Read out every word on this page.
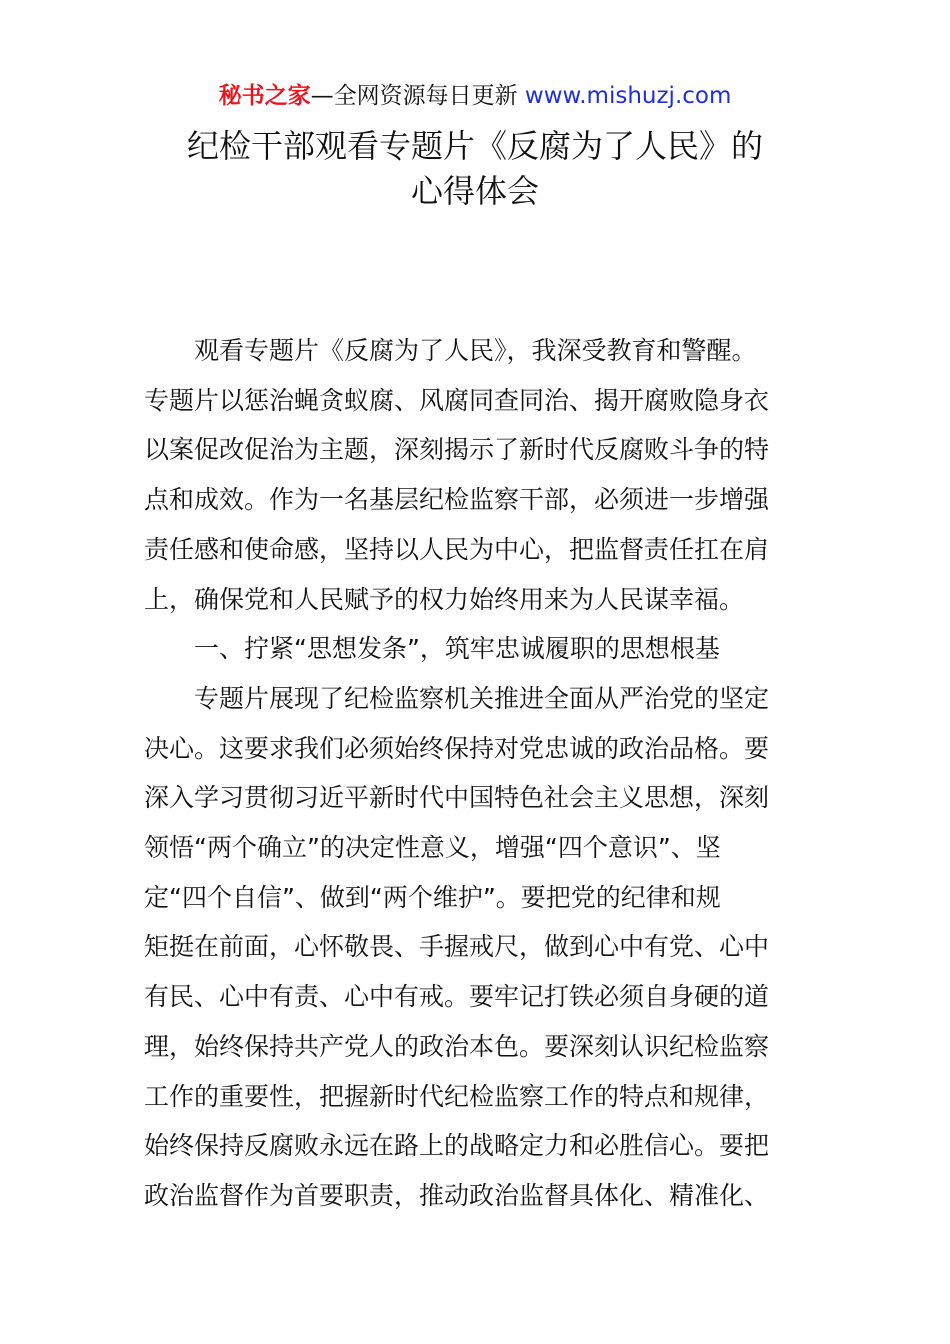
秘书之家—全网资源每日更新 www.mishuzj.com
纪检干部观看专题片《反腐为了人民》的
心得体会
观看专题片《反腐为了人民》，我深受教育和警醒。
专题片以惩治蝇贪蚁腐、风腐同查同治、揭开腐败隐身衣
以案促改促治为主题，深刻揭示了新时代反腐败斗争的特
点和成效。作为一名基层纪检监察干部，必须进一步增强
责任感和使命感，坚持以人民为中心，把监督责任扛在肩
上，确保党和人民赋予的权力始终用来为人民谋幸福。
一、拧紧“思想发条”，筑牢忠诚履职的思想根基
专题片展现了纪检监察机关推进全面从严治党的坚定
决心。这要求我们必须始终保持对党忠诚的政治品格。要
深入学习贯彻习近平新时代中国特色社会主义思想，深刻
领悟“两个确立”的决定性意义，增强“四个意识”、坚
定“四个自信”、做到“两个维护”。要把党的纪律和规
矩挺在前面，心怀敬畏、手握戒尺，做到心中有党、心中
有民、心中有责、心中有戒。要牢记打铁必须自身硬的道
理，始终保持共产党人的政治本色。要深刻认识纪检监察
工作的重要性，把握新时代纪检监察工作的特点和规律，
始终保持反腐败永远在路上的战略定力和必胜信心。要把
政治监督作为首要职责，推动政治监督具体化、精准化、
